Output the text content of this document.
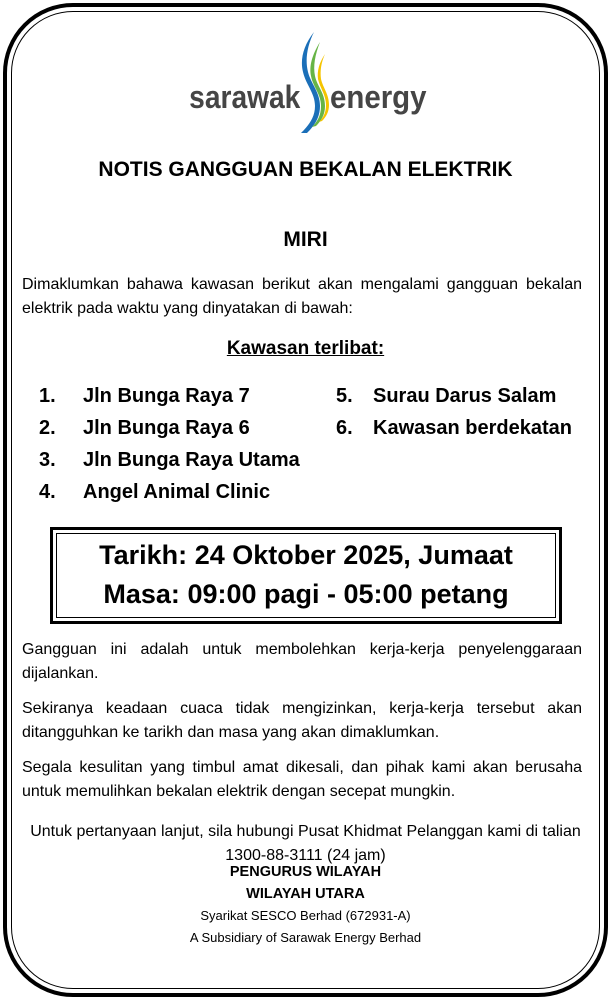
sarawak energy
NOTIS GANGGUAN BEKALAN ELEKTRIK
MIRI
Dimaklumkan bahawa kawasan berikut akan mengalami gangguan bekalan elektrik pada waktu yang dinyatakan di bawah:
Kawasan terlibat:
1.	Jln Bunga Raya 7
2.	Jln Bunga Raya 6
3.	Jln Bunga Raya Utama
4.	Angel Animal Clinic
5.	Surau Darus Salam
6.	Kawasan berdekatan
Tarikh: 24 Oktober 2025, Jumaat
Masa: 09:00 pagi - 05:00 petang
Gangguan ini adalah untuk membolehkan kerja-kerja penyelenggaraan dijalankan.
Sekiranya keadaan cuaca tidak mengizinkan, kerja-kerja tersebut akan ditangguhkan ke tarikh dan masa yang akan dimaklumkan.
Segala kesulitan yang timbul amat dikesali, dan pihak kami akan berusaha untuk memulihkan bekalan elektrik dengan secepat mungkin.
Untuk pertanyaan lanjut, sila hubungi Pusat Khidmat Pelanggan kami di talian
1300-88-3111 (24 jam)
PENGURUS WILAYAH
WILAYAH UTARA
Syarikat SESCO Berhad (672931-A)
A Subsidiary of Sarawak Energy Berhad
